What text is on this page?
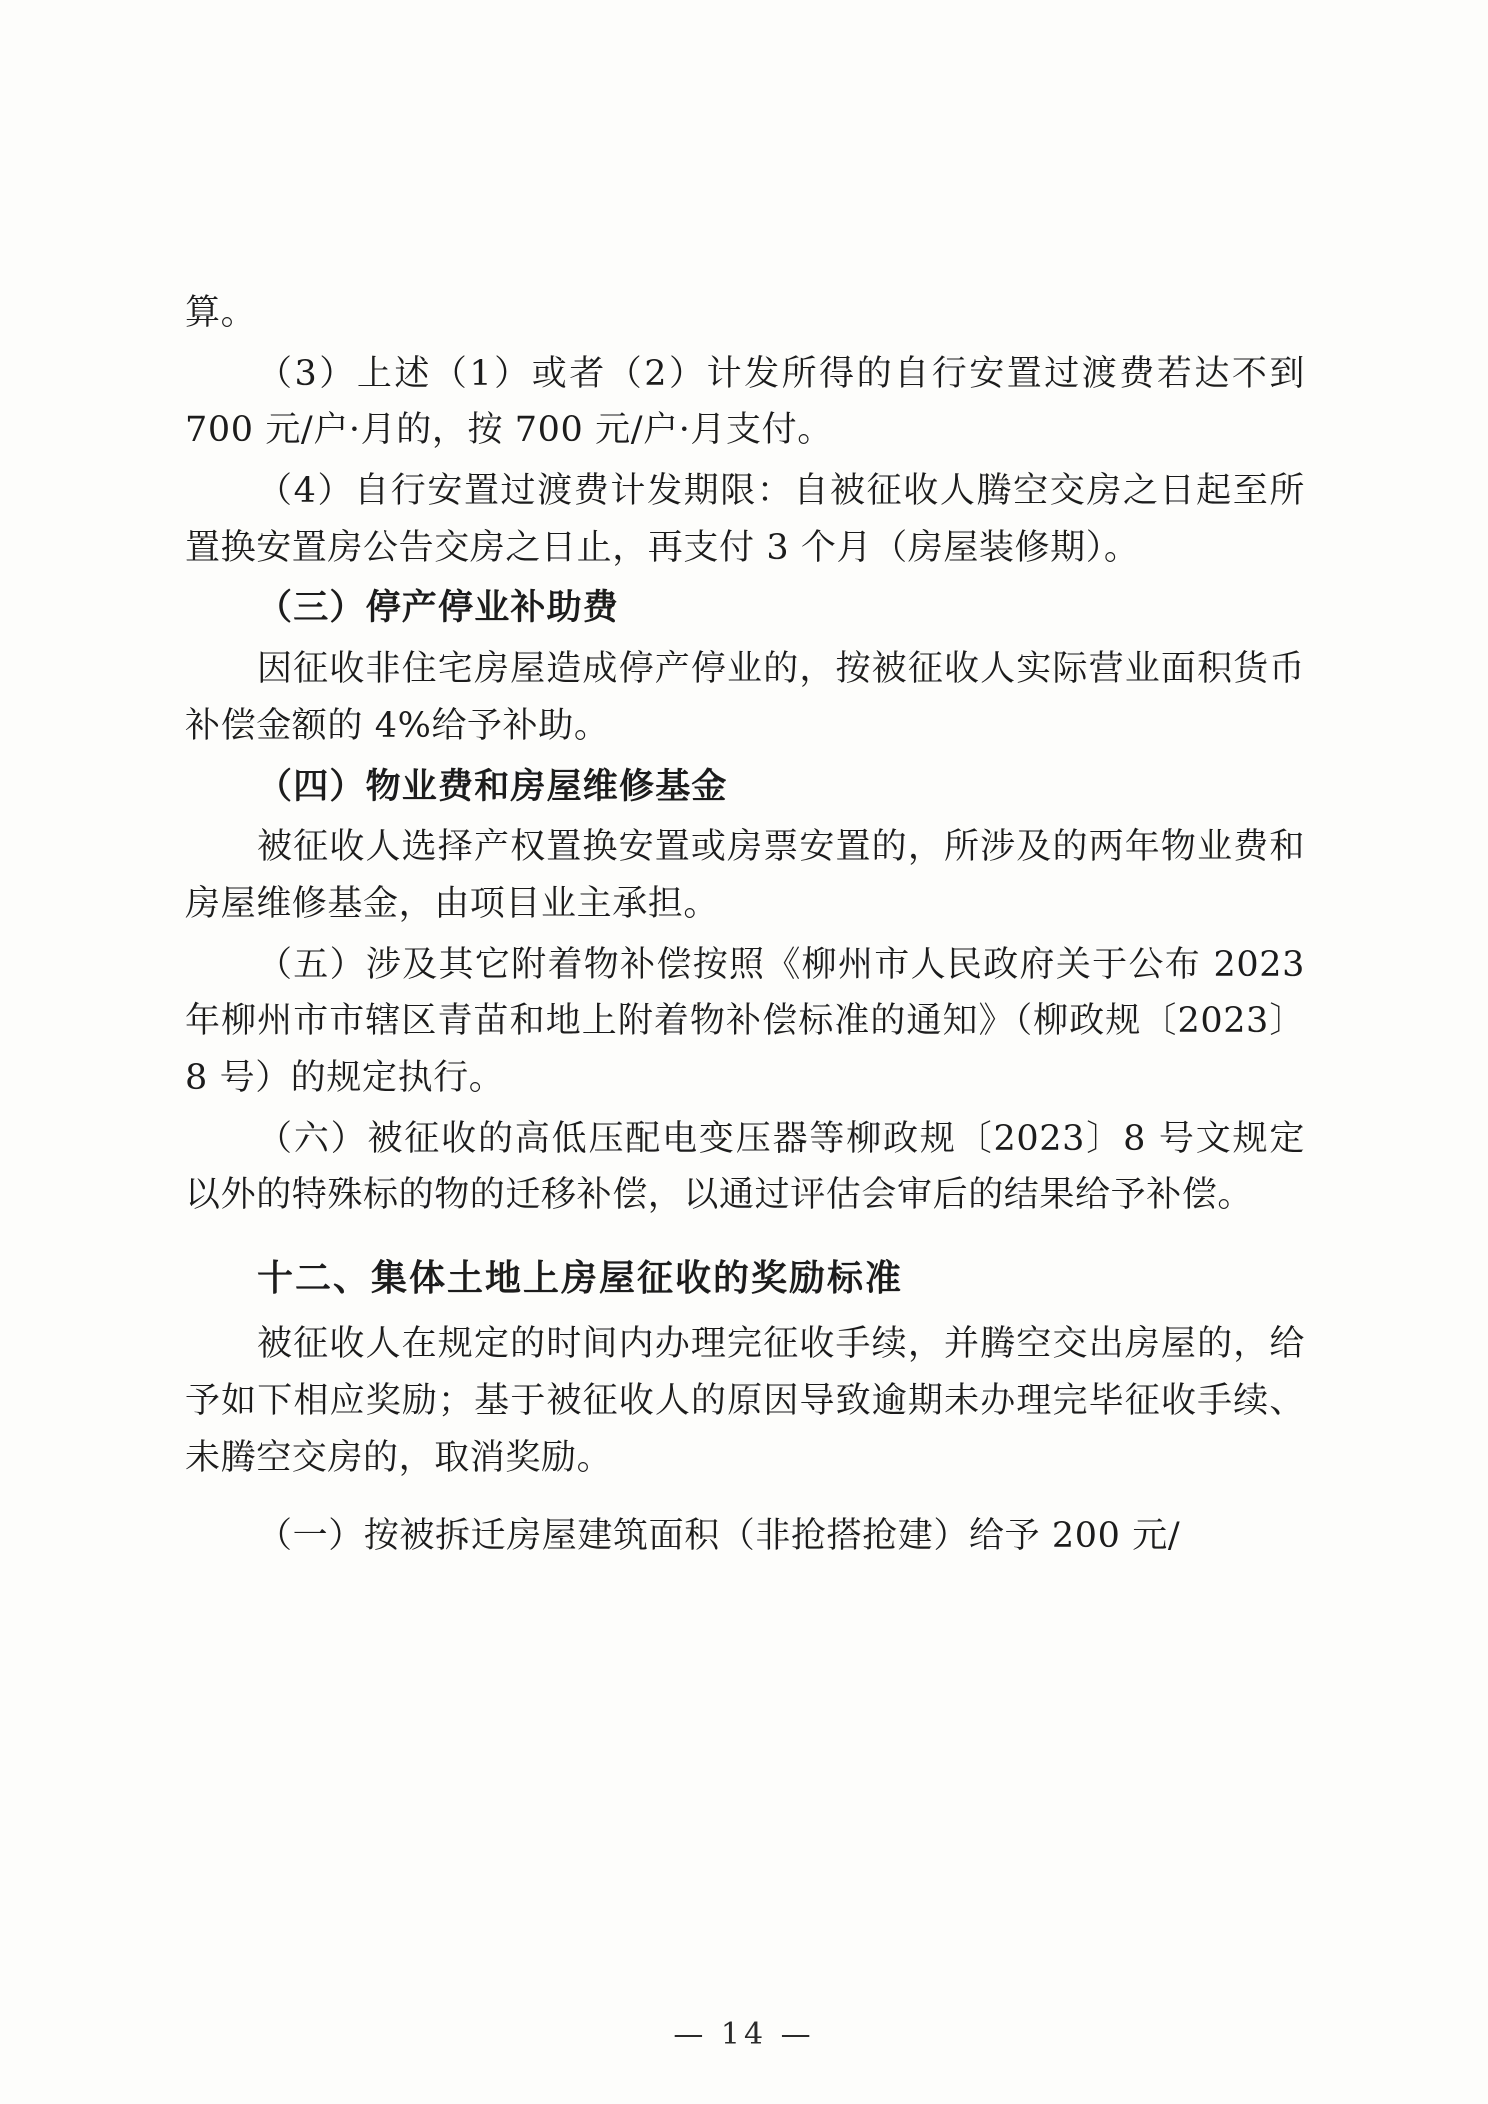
算。

（3）上述（1）或者（2）计发所得的自行安置过渡费若达不到 700 元/户·月的，按 700 元/户·月支付。

（4）自行安置过渡费计发期限：自被征收人腾空交房之日起至所置换安置房公告交房之日止，再支付 3 个月（房屋装修期）。

（三）停产停业补助费

因征收非住宅房屋造成停产停业的，按被征收人实际营业面积货币补偿金额的 4%给予补助。

（四）物业费和房屋维修基金

被征收人选择产权置换安置或房票安置的，所涉及的两年物业费和房屋维修基金，由项目业主承担。

（五）涉及其它附着物补偿按照《柳州市人民政府关于公布 2023 年柳州市市辖区青苗和地上附着物补偿标准的通知》（柳政规〔2023〕8 号）的规定执行。

（六）被征收的高低压配电变压器等柳政规〔2023〕8 号文规定以外的特殊标的物的迁移补偿，以通过评估会审后的结果给予补偿。

十二、集体土地上房屋征收的奖励标准

被征收人在规定的时间内办理完征收手续，并腾空交出房屋的，给予如下相应奖励；基于被征收人的原因导致逾期未办理完毕征收手续、未腾空交房的，取消奖励。

（一）按被拆迁房屋建筑面积（非抢搭抢建）给予 200 元/

— 14 —
